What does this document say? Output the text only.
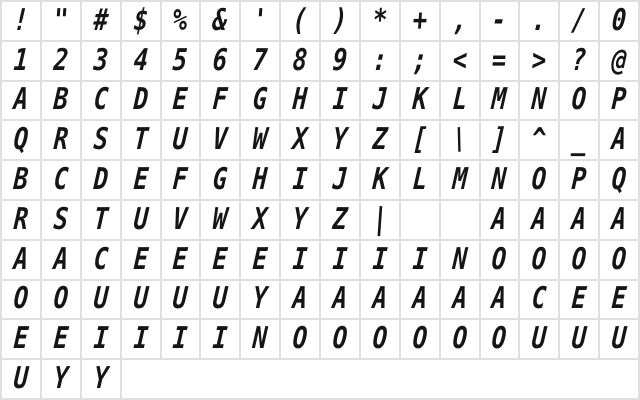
! " # $ % & ' ( ) * + , - . / 0
1 2 3 4 5 6 7 8 9 : ; < = > ? @
A B C D E F G H I J K L M N O P
Q R S T U V W X Y Z [ \ ] ^ _ A
B C D E F G H I J K L M N O P Q
R S T U V W X Y Z |	A A A A
A A C E E E E I I I I N O O O O
O O U U U U Y A A A A A A C E E
E E I I I I N O O O O O O U U U
U Y Y
